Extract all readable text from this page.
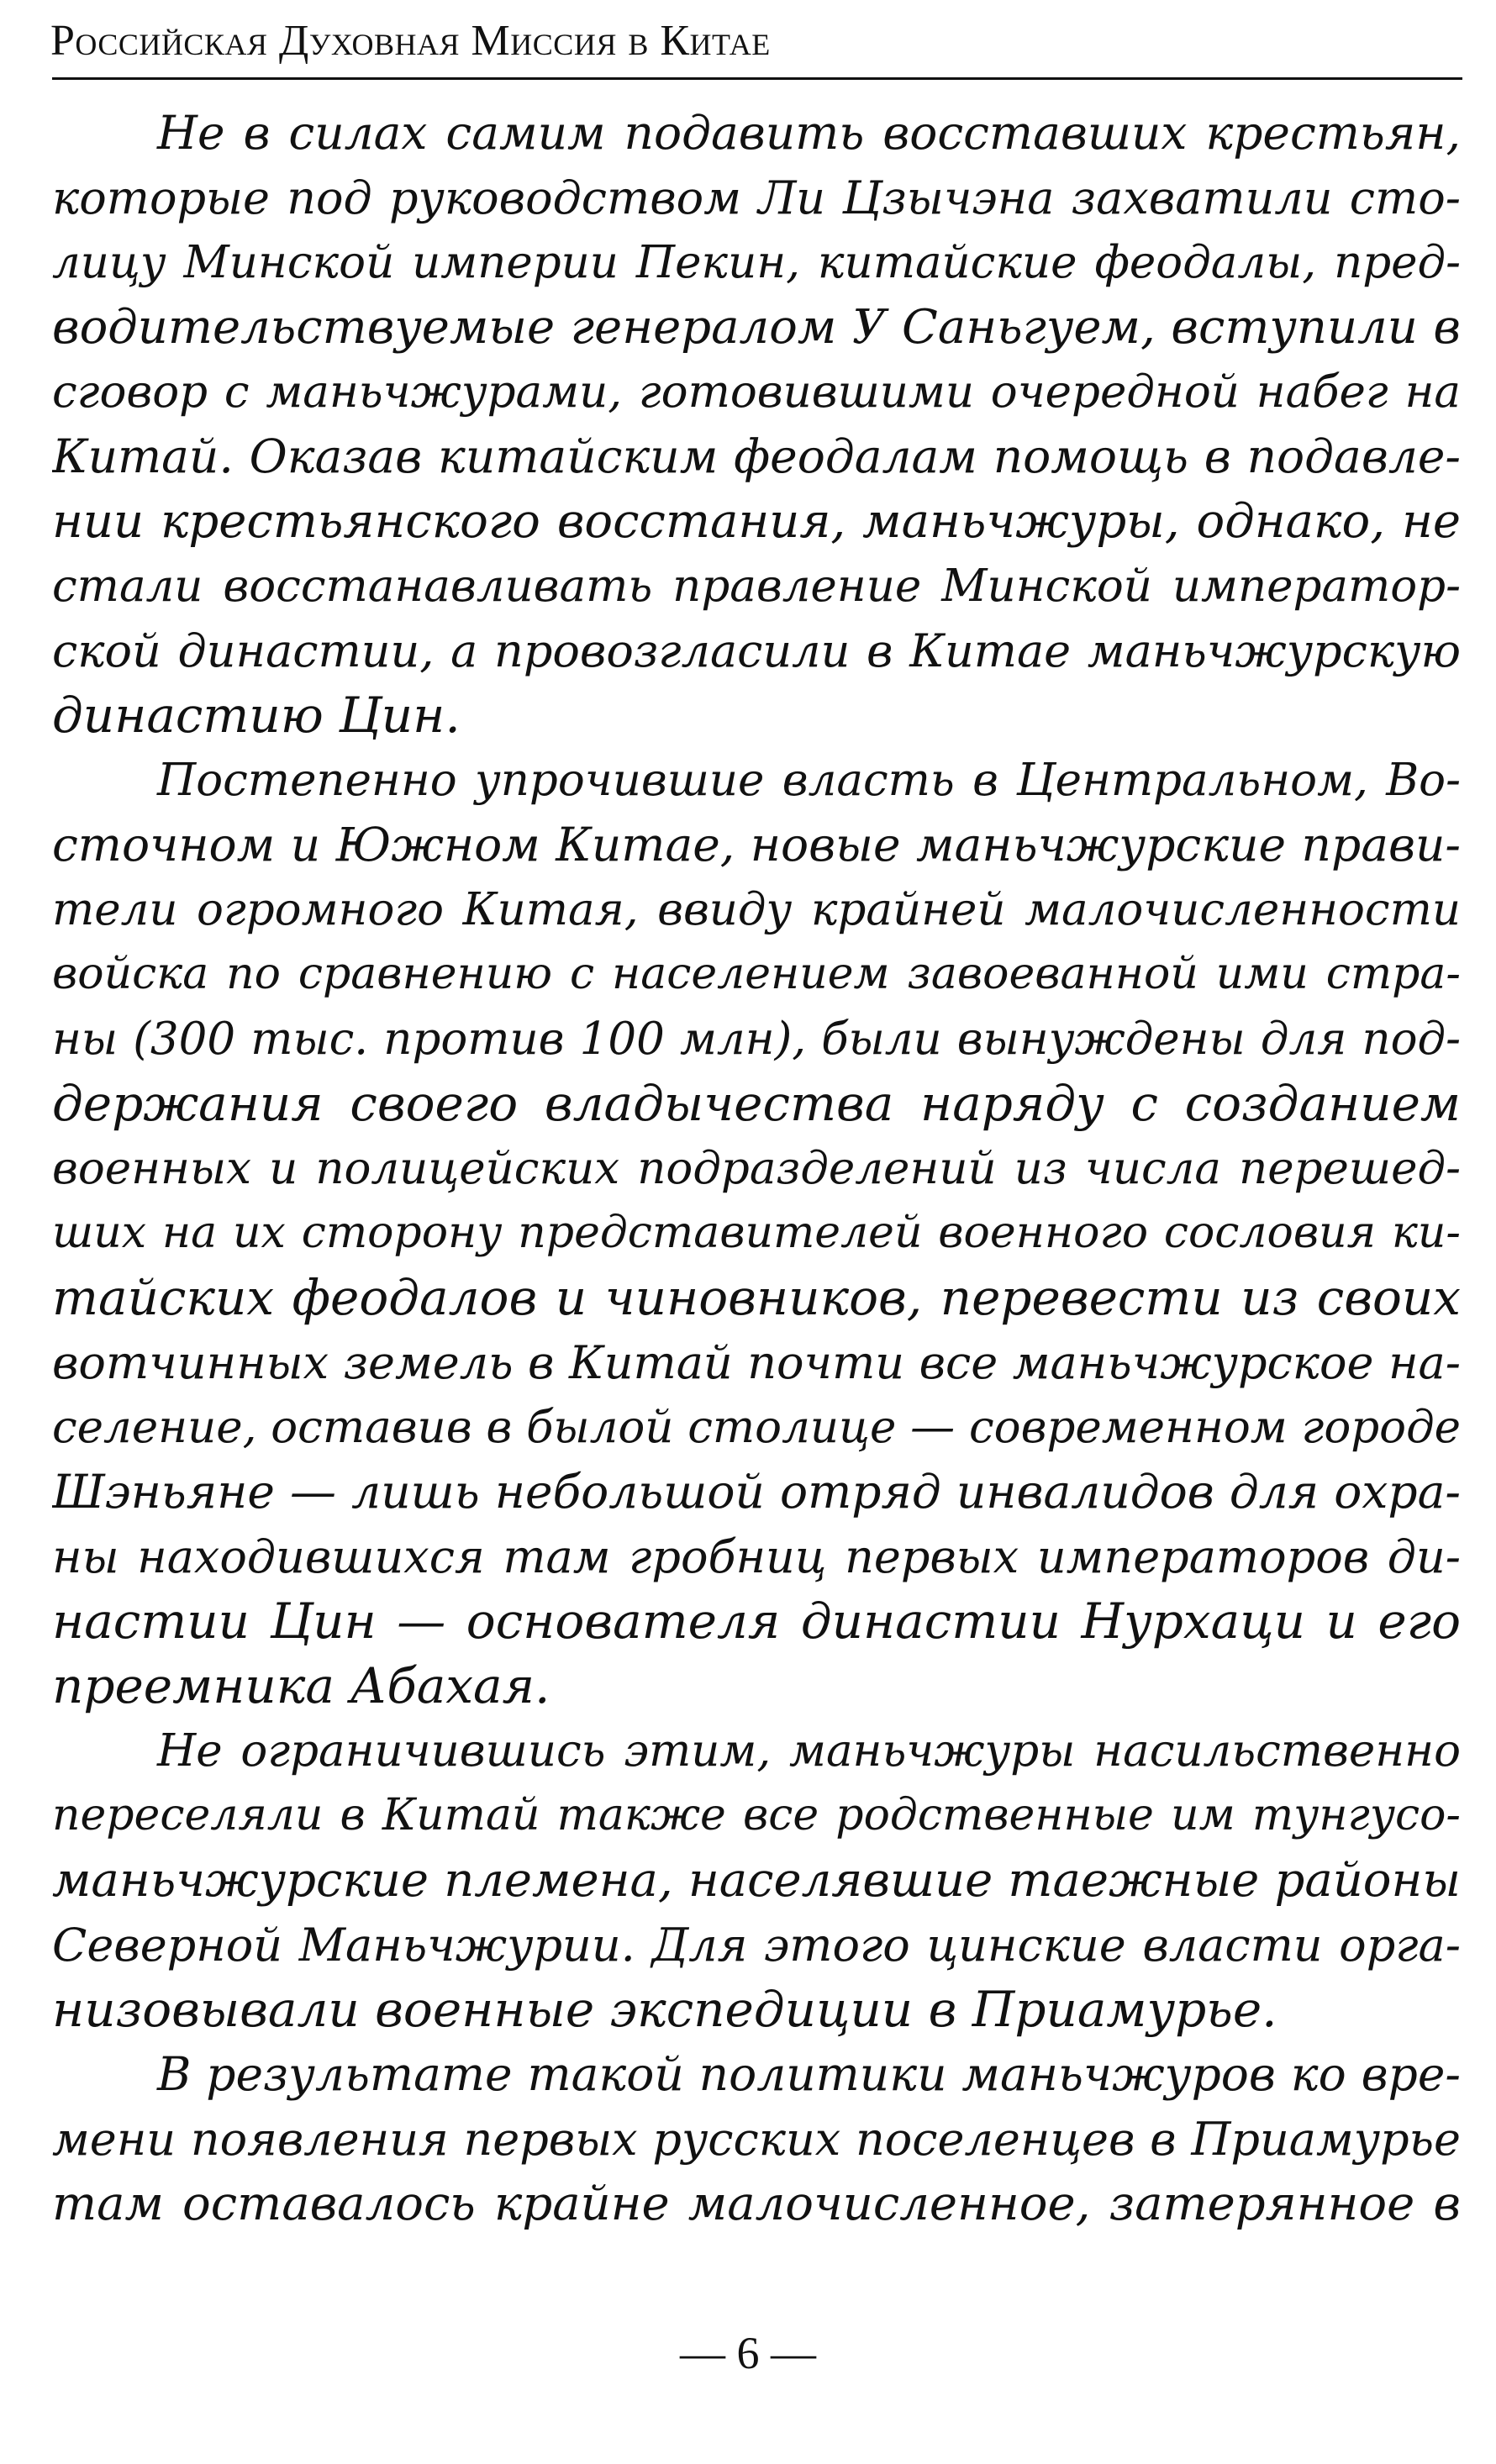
Российская Духовная Миссия в Китае
Не в силах самим подавить восставших крестьян,
которые под руководством Ли Цзычэна захватили сто-
лицу Минской империи Пекин, китайские феодалы, пред-
водительствуемые генералом У Саньгуем, вступили в
сговор с маньчжурами, готовившими очередной набег на
Китай. Оказав китайским феодалам помощь в подавле-
нии крестьянского восстания, маньчжуры, однако, не
стали восстанавливать правление Минской император-
ской династии, а провозгласили в Китае маньчжурскую
династию Цин.
Постепенно упрочившие власть в Центральном, Во-
сточном и Южном Китае, новые маньчжурские прави-
тели огромного Китая, ввиду крайней малочисленности
войска по сравнению с населением завоеванной ими стра-
ны (300 тыс. против 100 млн), были вынуждены для под-
держания своего владычества наряду с созданием
военных и полицейских подразделений из числа перешед-
ших на их сторону представителей военного сословия ки-
тайских феодалов и чиновников, перевести из своих
вотчинных земель в Китай почти все маньчжурское на-
селение, оставив в былой столице — современном городе
Шэньяне — лишь небольшой отряд инвалидов для охра-
ны находившихся там гробниц первых императоров ди-
настии Цин — основателя династии Нурхаци и его
преемника Абахая.
Не ограничившись этим, маньчжуры насильственно
переселяли в Китай также все родственные им тунгусо-
маньчжурские племена, населявшие таежные районы
Северной Маньчжурии. Для этого цинские власти орга-
низовывали военные экспедиции в Приамурье.
В результате такой политики маньчжуров ко вре-
мени появления первых русских поселенцев в Приамурье
там оставалось крайне малочисленное, затерянное в
— 6 —
